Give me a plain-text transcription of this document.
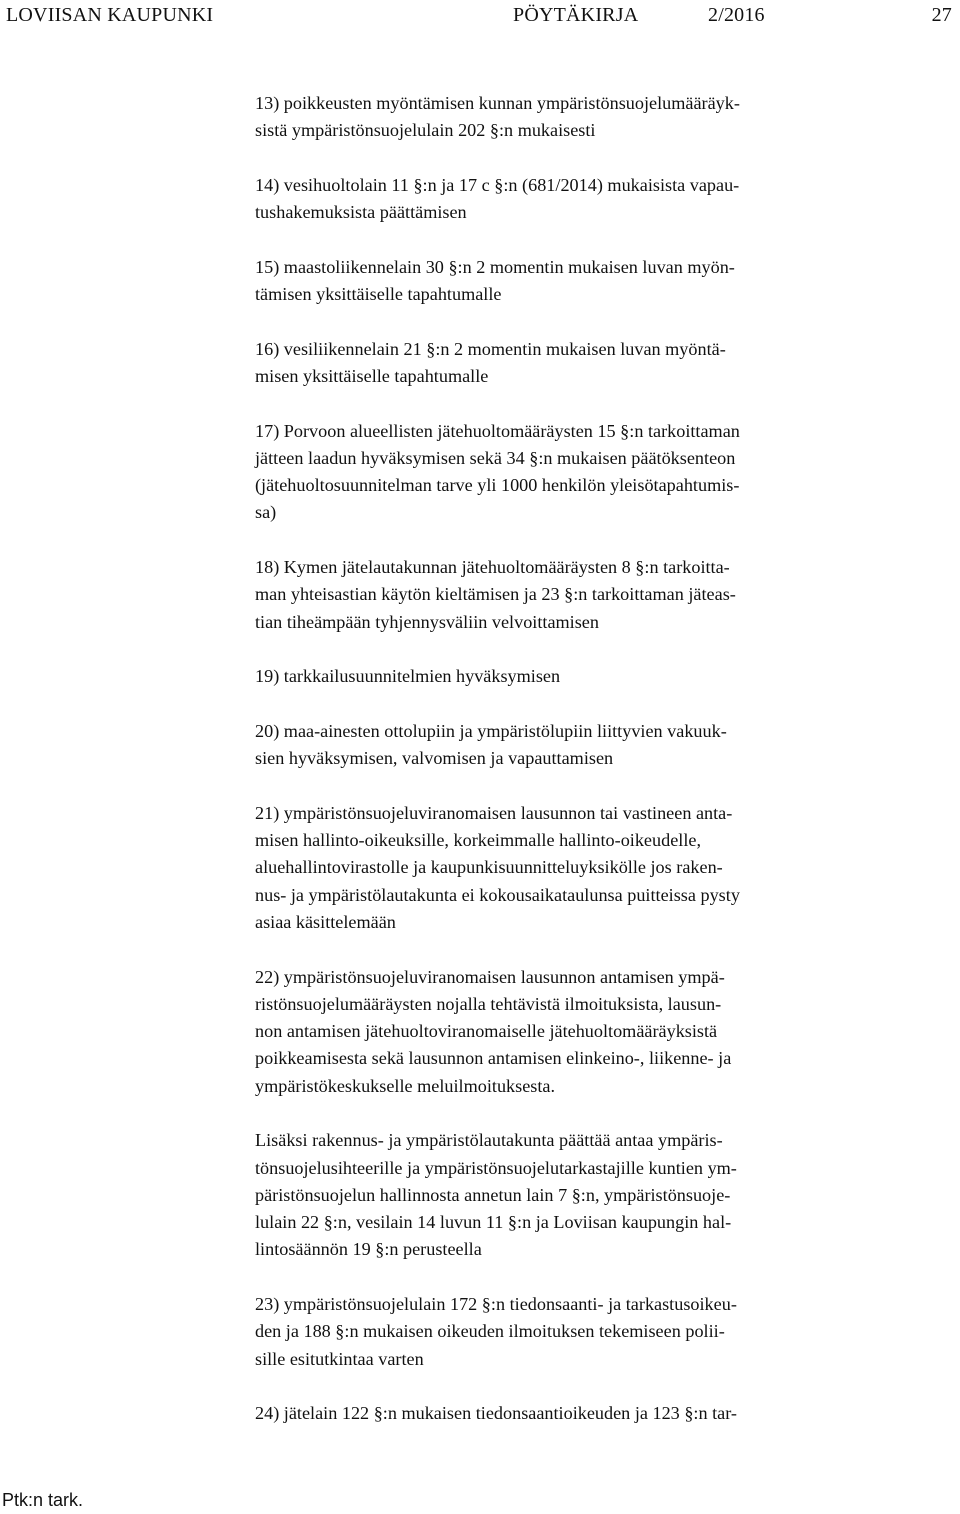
LOVIISAN KAUPUNKI	PÖYTÄKIRJA	2/2016	27

13) poikkeusten myöntämisen kunnan ympäristönsuojelumääräyk-
sistä ympäristönsuojelulain 202 §:n mukaisesti

14) vesihuoltolain 11 §:n ja 17 c §:n (681/2014) mukaisista vapau-
tushakemuksista päättämisen

15) maastoliikennelain 30 §:n 2 momentin mukaisen luvan myön-
tämisen yksittäiselle tapahtumalle

16) vesiliikennelain 21 §:n 2 momentin mukaisen luvan myöntä-
misen yksittäiselle tapahtumalle

17) Porvoon alueellisten jätehuoltomääräysten 15 §:n tarkoittaman
jätteen laadun hyväksymisen sekä 34 §:n mukaisen päätöksenteon
(jätehuoltosuunnitelman tarve yli 1000 henkilön yleisötapahtumis-
sa)

18) Kymen jätelautakunnan jätehuoltomääräysten 8 §:n tarkoitta-
man yhteisastian käytön kieltämisen ja 23 §:n tarkoittaman jäteas-
tian tiheämpään tyhjennysväliin velvoittamisen

19) tarkkailusuunnitelmien hyväksymisen

20) maa-ainesten ottolupiin ja ympäristölupiin liittyvien vakuuk-
sien hyväksymisen, valvomisen ja vapauttamisen

21) ympäristönsuojeluviranomaisen lausunnon tai vastineen anta-
misen hallinto-oikeuksille, korkeimmalle hallinto-oikeudelle,
aluehallintovirastolle ja kaupunkisuunnitteluyksikölle jos raken-
nus- ja ympäristölautakunta ei kokousaikataulunsa puitteissa pysty
asiaa käsittelemään

22) ympäristönsuojeluviranomaisen lausunnon antamisen ympä-
ristönsuojelumääräysten nojalla tehtävistä ilmoituksista, lausun-
non antamisen jätehuoltoviranomaiselle jätehuoltomääräyksistä
poikkeamisesta sekä lausunnon antamisen elinkeino-, liikenne- ja
ympäristökeskukselle meluilmoituksesta.

Lisäksi rakennus- ja ympäristölautakunta päättää antaa ympäris-
tönsuojelusihteerille ja ympäristönsuojelutarkastajille kuntien ym-
päristönsuojelun hallinnosta annetun lain 7 §:n, ympäristönsuoje-
lulain 22 §:n, vesilain 14 luvun 11 §:n ja Loviisan kaupungin hal-
lintosäännön 19 §:n perusteella

23) ympäristönsuojelulain 172 §:n tiedonsaanti- ja tarkastusoikeu-
den ja 188 §:n mukaisen oikeuden ilmoituksen tekemiseen polii-
sille esitutkintaa varten

24) jätelain 122 §:n mukaisen tiedonsaantioikeuden ja 123 §:n tar-

Ptk:n tark.
